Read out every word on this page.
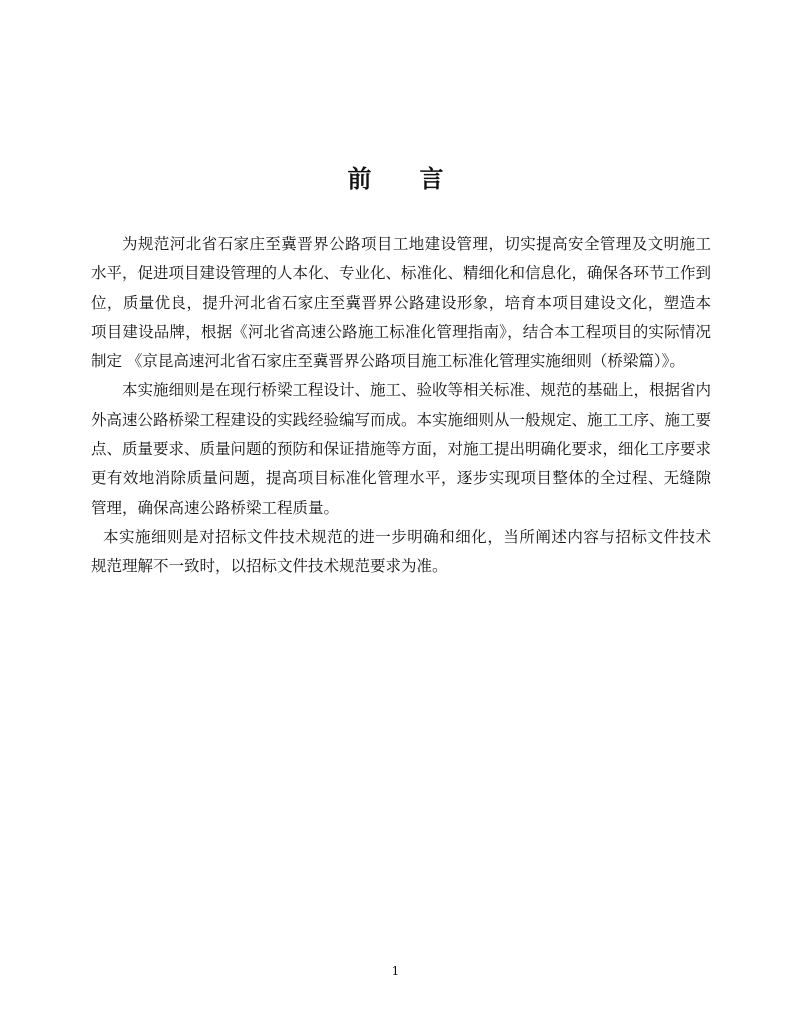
前 言
为规范河北省石家庄至冀晋界公路项目工地建设管理，切实提高安全管理及文明施工
水平，促进项目建设管理的人本化、专业化、标准化、精细化和信息化，确保各环节工作到
位，质量优良，提升河北省石家庄至冀晋界公路建设形象，培育本项目建设文化，塑造本
项目建设品牌，根据《河北省高速公路施工标准化管理指南》，结合本工程项目的实际情况
制定 《京昆高速河北省石家庄至冀晋界公路项目施工标准化管理实施细则（桥梁篇）》。
本实施细则是在现行桥梁工程设计、施工、验收等相关标准、规范的基础上，根据省内
外高速公路桥梁工程建设的实践经验编写而成。本实施细则从一般规定、施工工序、施工要
点、质量要求、质量问题的预防和保证措施等方面，对施工提出明确化要求，细化工序要求
更有效地消除质量问题，提高项目标准化管理水平，逐步实现项目整体的全过程、无缝隙
管理，确保高速公路桥梁工程质量。
本实施细则是对招标文件技术规范的进一步明确和细化，当所阐述内容与招标文件技术
规范理解不一致时，以招标文件技术规范要求为准。
1
